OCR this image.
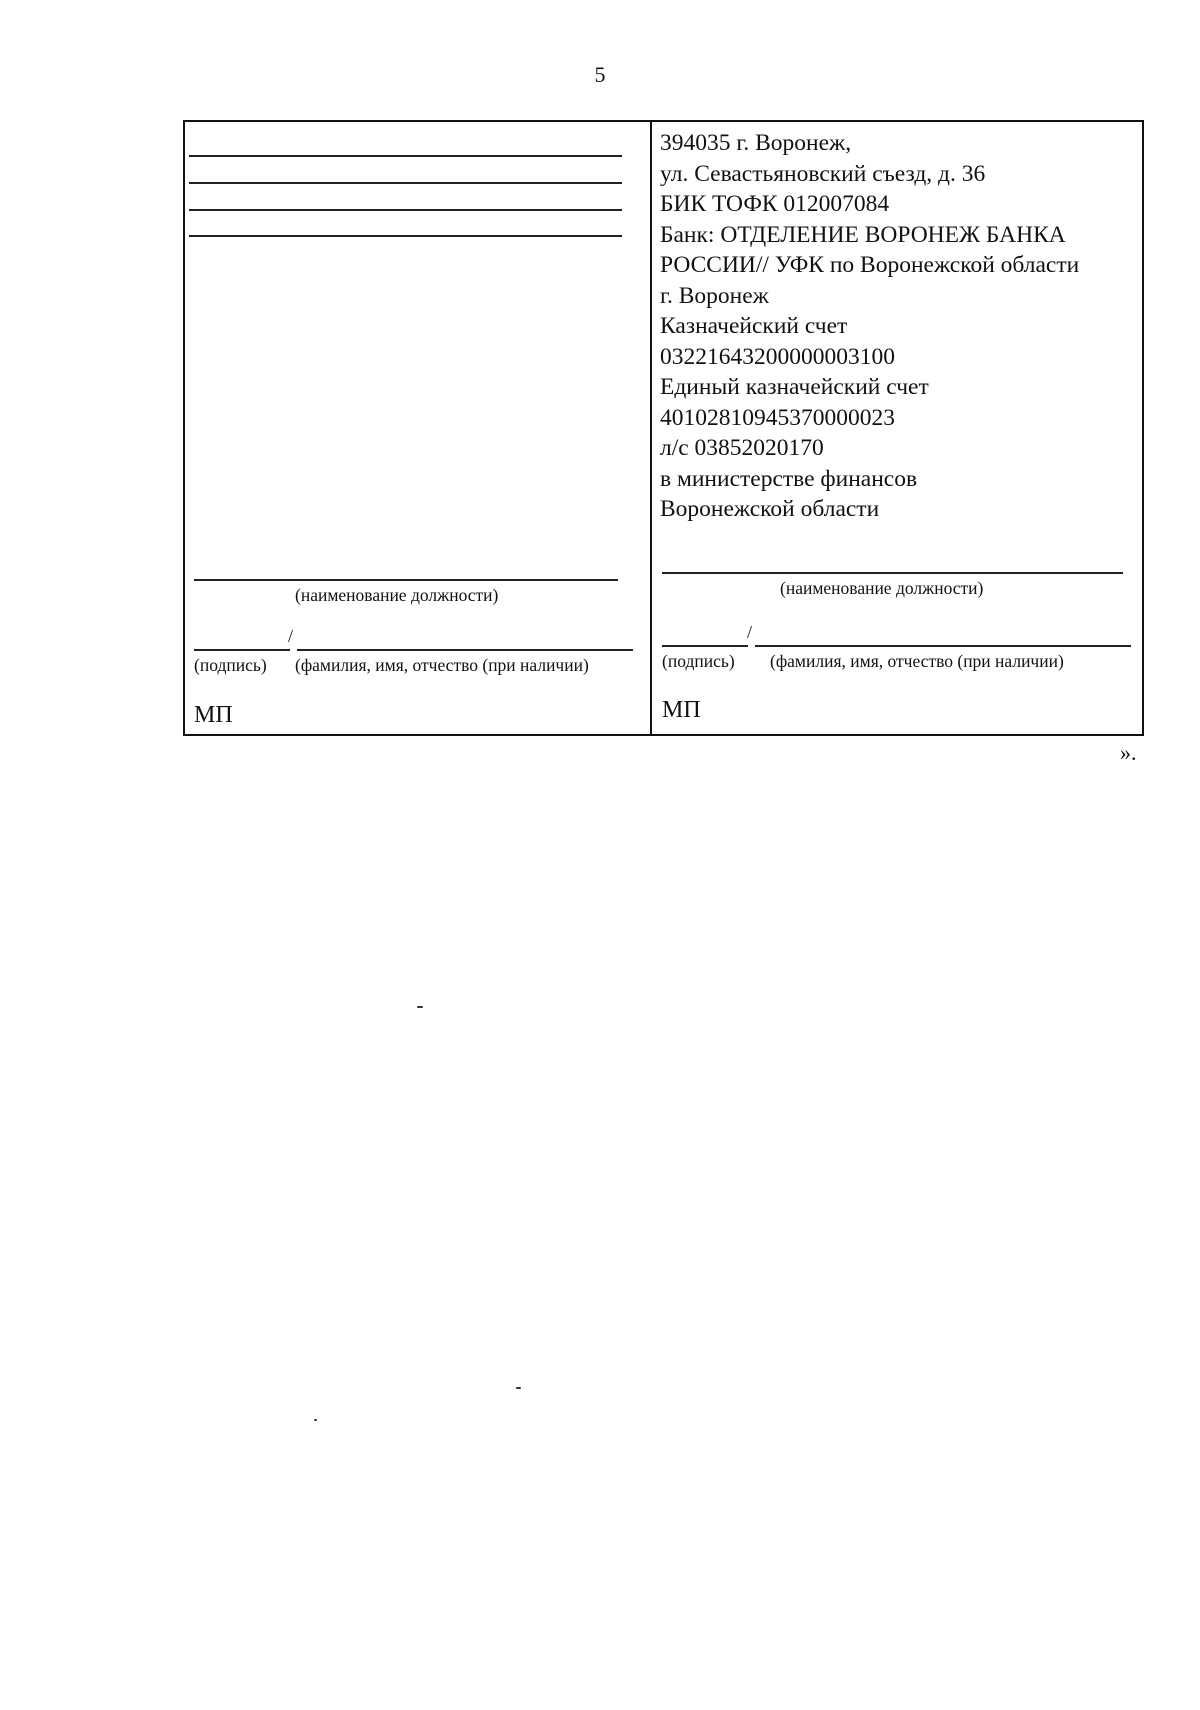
5
(наименование должности)
/
(подпись) (фамилия, имя, отчество (при наличии)
МП
394035 г. Воронеж,
ул. Севастьяновский съезд, д. 36
БИК ТОФК 012007084
Банк: ОТДЕЛЕНИЕ ВОРОНЕЖ БАНКА
РОССИИ// УФК по Воронежской области
г. Воронеж
Казначейский счет
03221643200000003100
Единый казначейский счет
40102810945370000023
л/с 03852020170
в министерстве финансов
Воронежской области
(наименование должности)
/
(подпись) (фамилия, имя, отчество (при наличии)
МП
».
